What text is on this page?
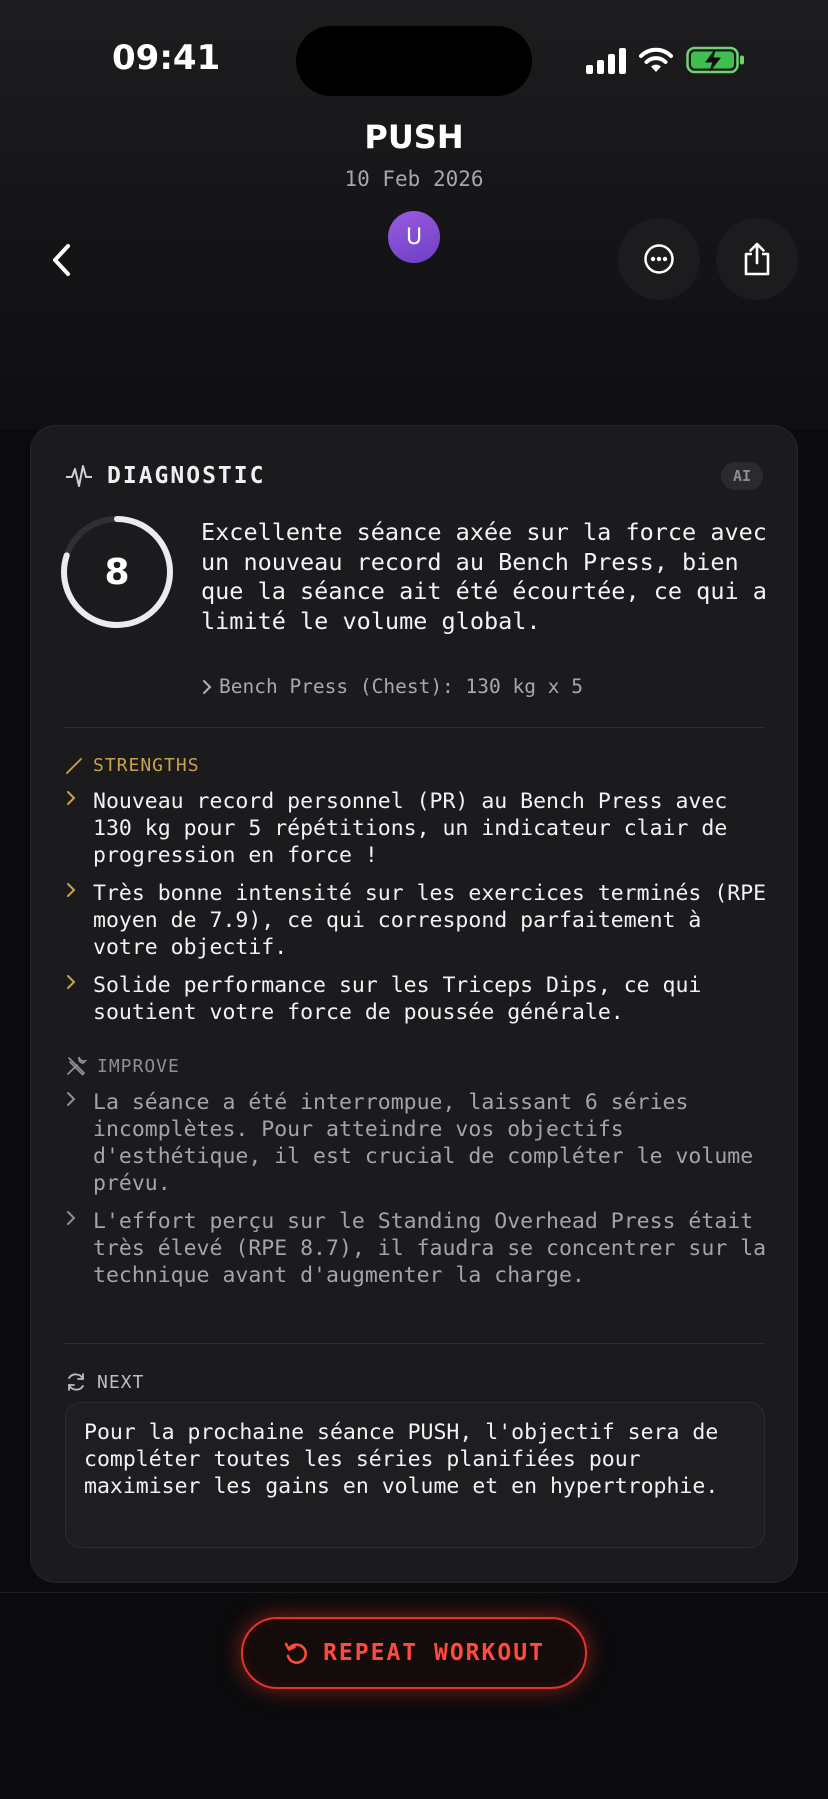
09:41
PUSH
10 Feb 2026
U
DIAGNOSTIC	AI
8
Excellente séance axée sur la force avec un nouveau record au Bench Press, bien que la séance ait été écourtée, ce qui a limité le volume global.
Bench Press (Chest): 130 kg x 5
STRENGTHS
Nouveau record personnel (PR) au Bench Press avec 130 kg pour 5 répétitions, un indicateur clair de progression en force !
Très bonne intensité sur les exercices terminés (RPE moyen de 7.9), ce qui correspond parfaitement à votre objectif.
Solide performance sur les Triceps Dips, ce qui soutient votre force de poussée générale.
IMPROVE
La séance a été interrompue, laissant 6 séries incomplètes. Pour atteindre vos objectifs d'esthétique, il est crucial de compléter le volume prévu.
L'effort perçu sur le Standing Overhead Press était très élevé (RPE 8.7), il faudra se concentrer sur la technique avant d'augmenter la charge.
NEXT
Pour la prochaine séance PUSH, l'objectif sera de compléter toutes les séries planifiées pour maximiser les gains en volume et en hypertrophie.
REPEAT WORKOUT
